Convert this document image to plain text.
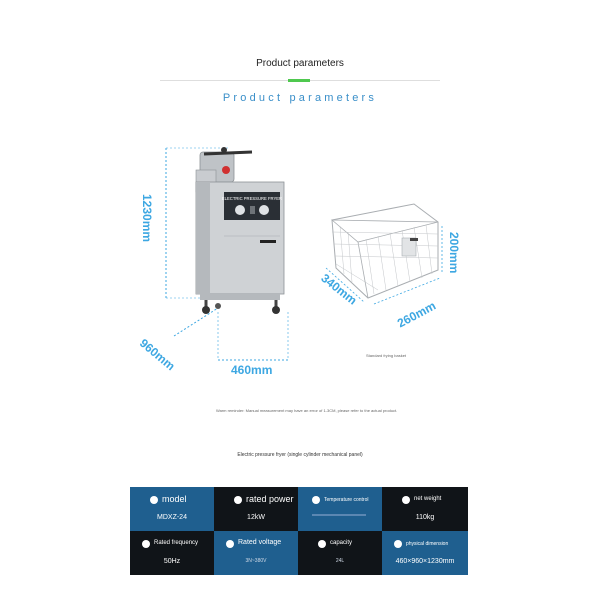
Product parameters
Product parameters
ELECTRIC PRESSURE FRYER
1230mm
960mm	460mm
200mm
340mm
260mm
Standard frying basket
Warm reminder: Manual measurement may have an error of 1-3CM, please refer to the actual product.
Electric pressure fryer (single cylinder mechanical panel)
model
MDXZ-24
rated power
12kW
Temperature control	net weight
110kg
Rated frequency
50Hz
Rated voltage
3N~380V
capacity
24L
physical dimension
460×960×1230mm
